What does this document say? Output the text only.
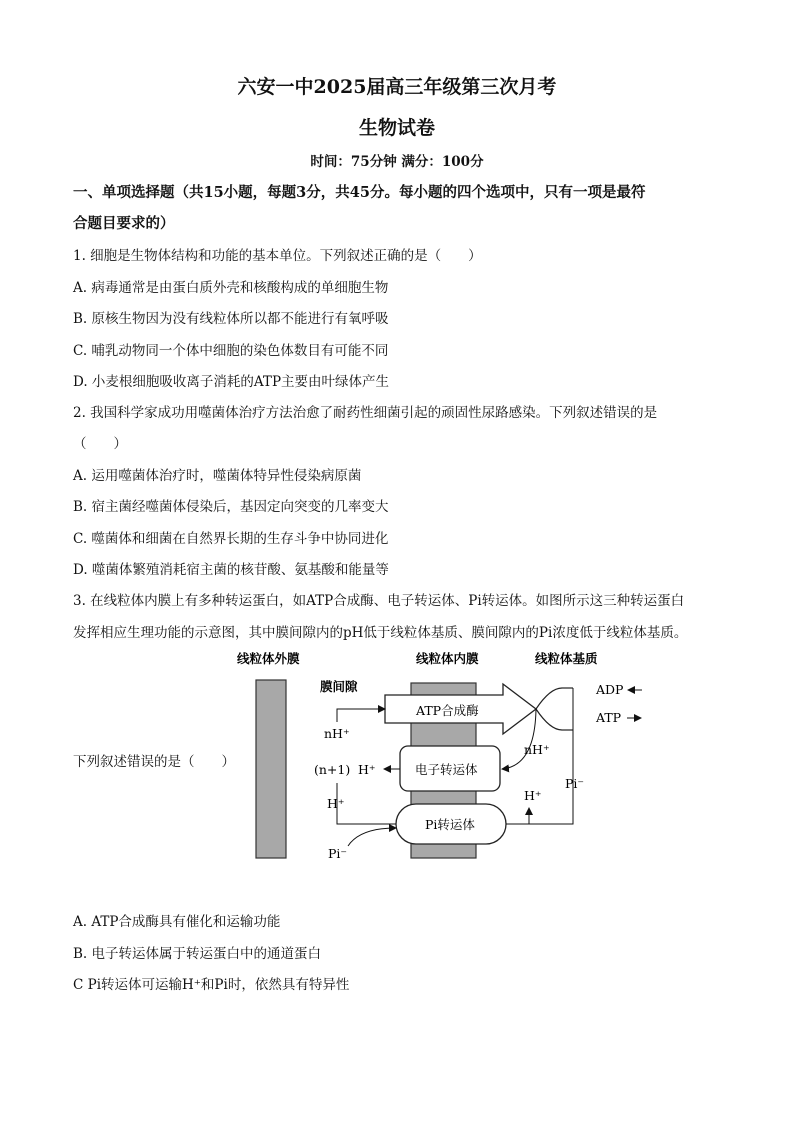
六安一中2025届高三年级第三次月考
生物试卷
时间：75分钟 满分：100分
一、单项选择题（共15小题，每题3分，共45分。每小题的四个选项中，只有一项是最符
合题目要求的）
1. 细胞是生物体结构和功能的基本单位。下列叙述正确的是（　　）
A. 病毒通常是由蛋白质外壳和核酸构成的单细胞生物
B. 原核生物因为没有线粒体所以都不能进行有氧呼吸
C. 哺乳动物同一个体中细胞的染色体数目有可能不同
D. 小麦根细胞吸收离子消耗的ATP主要由叶绿体产生
2. 我国科学家成功用噬菌体治疗方法治愈了耐药性细菌引起的顽固性尿路感染。下列叙述错误的是
（　　）
A. 运用噬菌体治疗时，噬菌体特异性侵染病原菌
B. 宿主菌经噬菌体侵染后，基因定向突变的几率变大
C. 噬菌体和细菌在自然界长期的生存斗争中协同进化
D. 噬菌体繁殖消耗宿主菌的核苷酸、氨基酸和能量等
3. 在线粒体内膜上有多种转运蛋白，如ATP合成酶、电子转运体、Pi转运体。如图所示这三种转运蛋白
发挥相应生理功能的示意图，其中膜间隙内的pH低于线粒体基质、膜间隙内的Pi浓度低于线粒体基质。
下列叙述错误的是（　　）
线粒体外膜	线粒体内膜	线粒体基质
膜间隙
ATP合成酶
ADP
ATP
电子转运体
Pi转运体
nH⁺
(n+1) H⁺
H⁺
Pi⁻
nH⁺
H⁺
Pi⁻
A. ATP合成酶具有催化和运输功能
B. 电子转运体属于转运蛋白中的通道蛋白
C Pi转运体可运输H⁺和Pi时，依然具有特异性
